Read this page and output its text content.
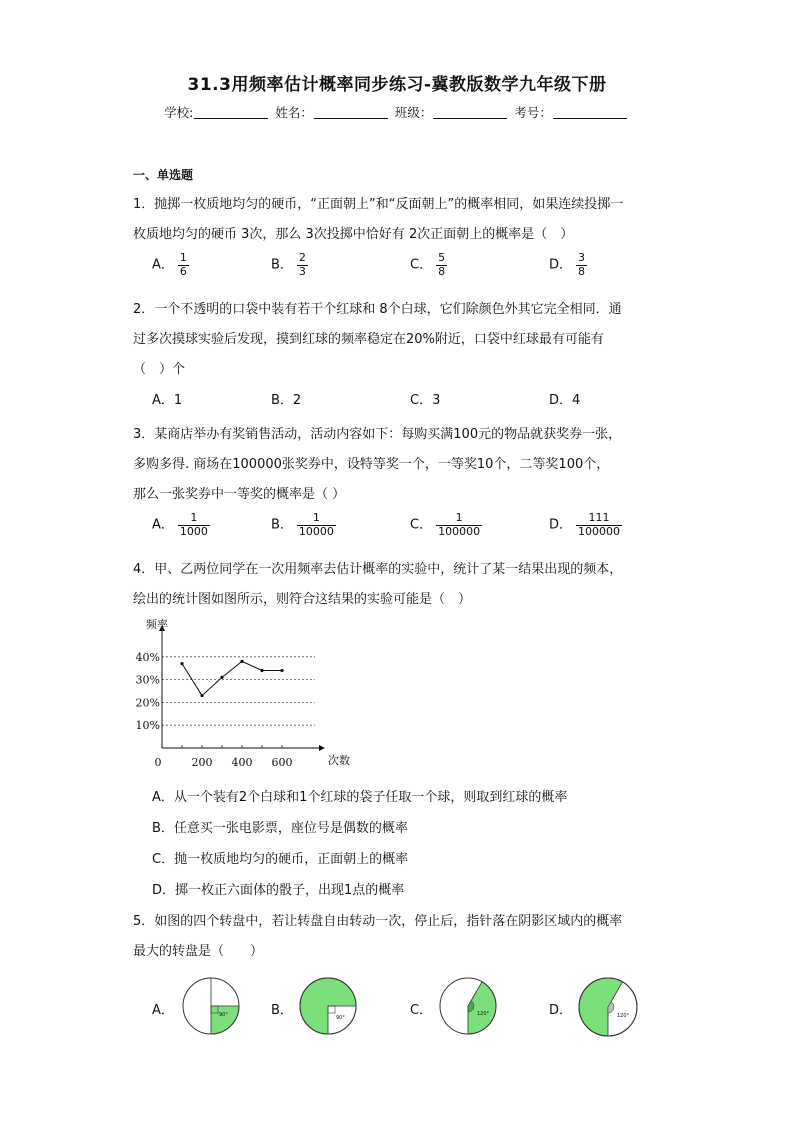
31.3用频率估计概率同步练习-冀教版数学九年级下册
学校:	姓名：	班级：	考号：
一、单选题
1．抛掷一枚质地均匀的硬币，“正面朝上”和“反面朝上”的概率相同，如果连续投掷一
枚质地均匀的硬币 3次，那么 3次投掷中恰好有 2次正面朝上的概率是（　）
A． $\frac{1}{6}$	B． $\frac{2}{3}$	C． $\frac{5}{8}$	D． $\frac{3}{8}$
2．一个不透明的口袋中装有若干个红球和 8个白球，它们除颜色外其它完全相同．通
过多次摸球实验后发现，摸到红球的频率稳定在20%附近，口袋中红球最有可能有
（　）个
A．1	B．2	C．3	D．4
3．某商店举办有奖销售活动，活动内容如下：每购买满100元的物品就获奖券一张，
多购多得. 商场在100000张奖券中，设特等奖一个，一等奖10个，二等奖100个，
那么一张奖券中一等奖的概率是（ ）
A． $\frac{1}{1000}$	B． $\frac{1}{10000}$	C． $\frac{1}{100000}$	D． $\frac{111}{100000}$
4．甲、乙两位同学在一次用频率去估计概率的实验中，统计了某一结果出现的频本，
绘出的统计图如图所示，则符合这结果的实验可能是（　）
频率
次数
10%
20%
30%
40%
0	200 400 600
A．从一个装有2个白球和1个红球的袋子任取一个球，则取到红球的概率
B．任意买一张电影票，座位号是偶数的概率
C．抛一枚质地均匀的硬币，正面朝上的概率
D．掷一枚正六面体的骰子，出现1点的概率
5．如图的四个转盘中，若让转盘自由转动一次，停止后，指针落在阴影区域内的概率
最大的转盘是（　　）
A．	90°	B．	90°	C．	120°	D．	120°
